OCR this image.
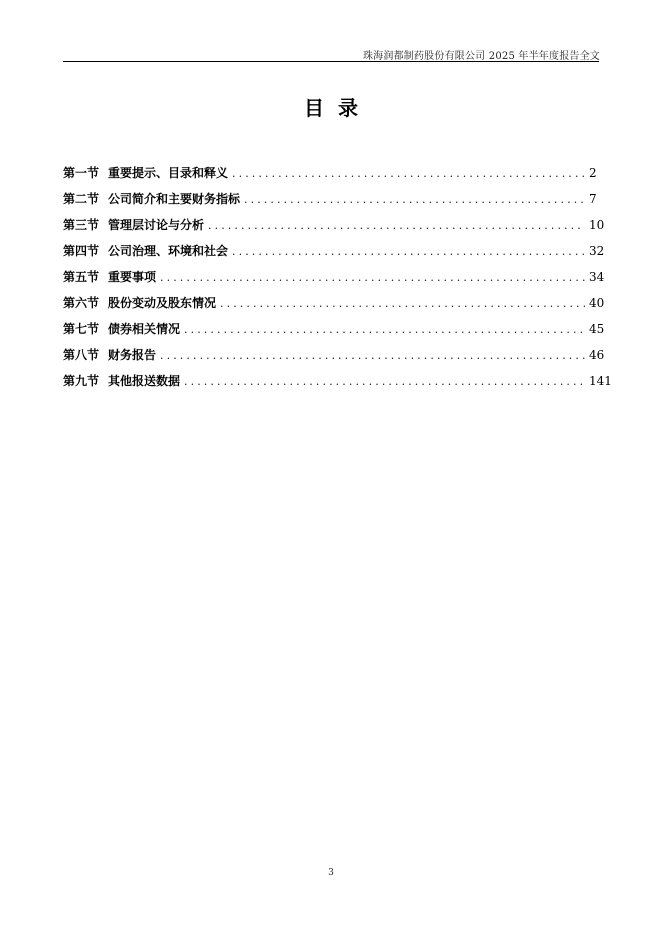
珠海润都制药股份有限公司 2025 年半年度报告全文
目录
第一节 重要提示、目录和释义 . . .	2
第二节 公司简介和主要财务指标 . . .	7
第三节 管理层讨论与分析 . . .	10
第四节 公司治理、环境和社会 . . .	32
第五节 重要事项 . . .	34
第六节 股份变动及股东情况 . . .	40
第七节 债券相关情况 . . .	45
第八节 财务报告 . . .	46
第九节 其他报送数据 . . .	141
3
